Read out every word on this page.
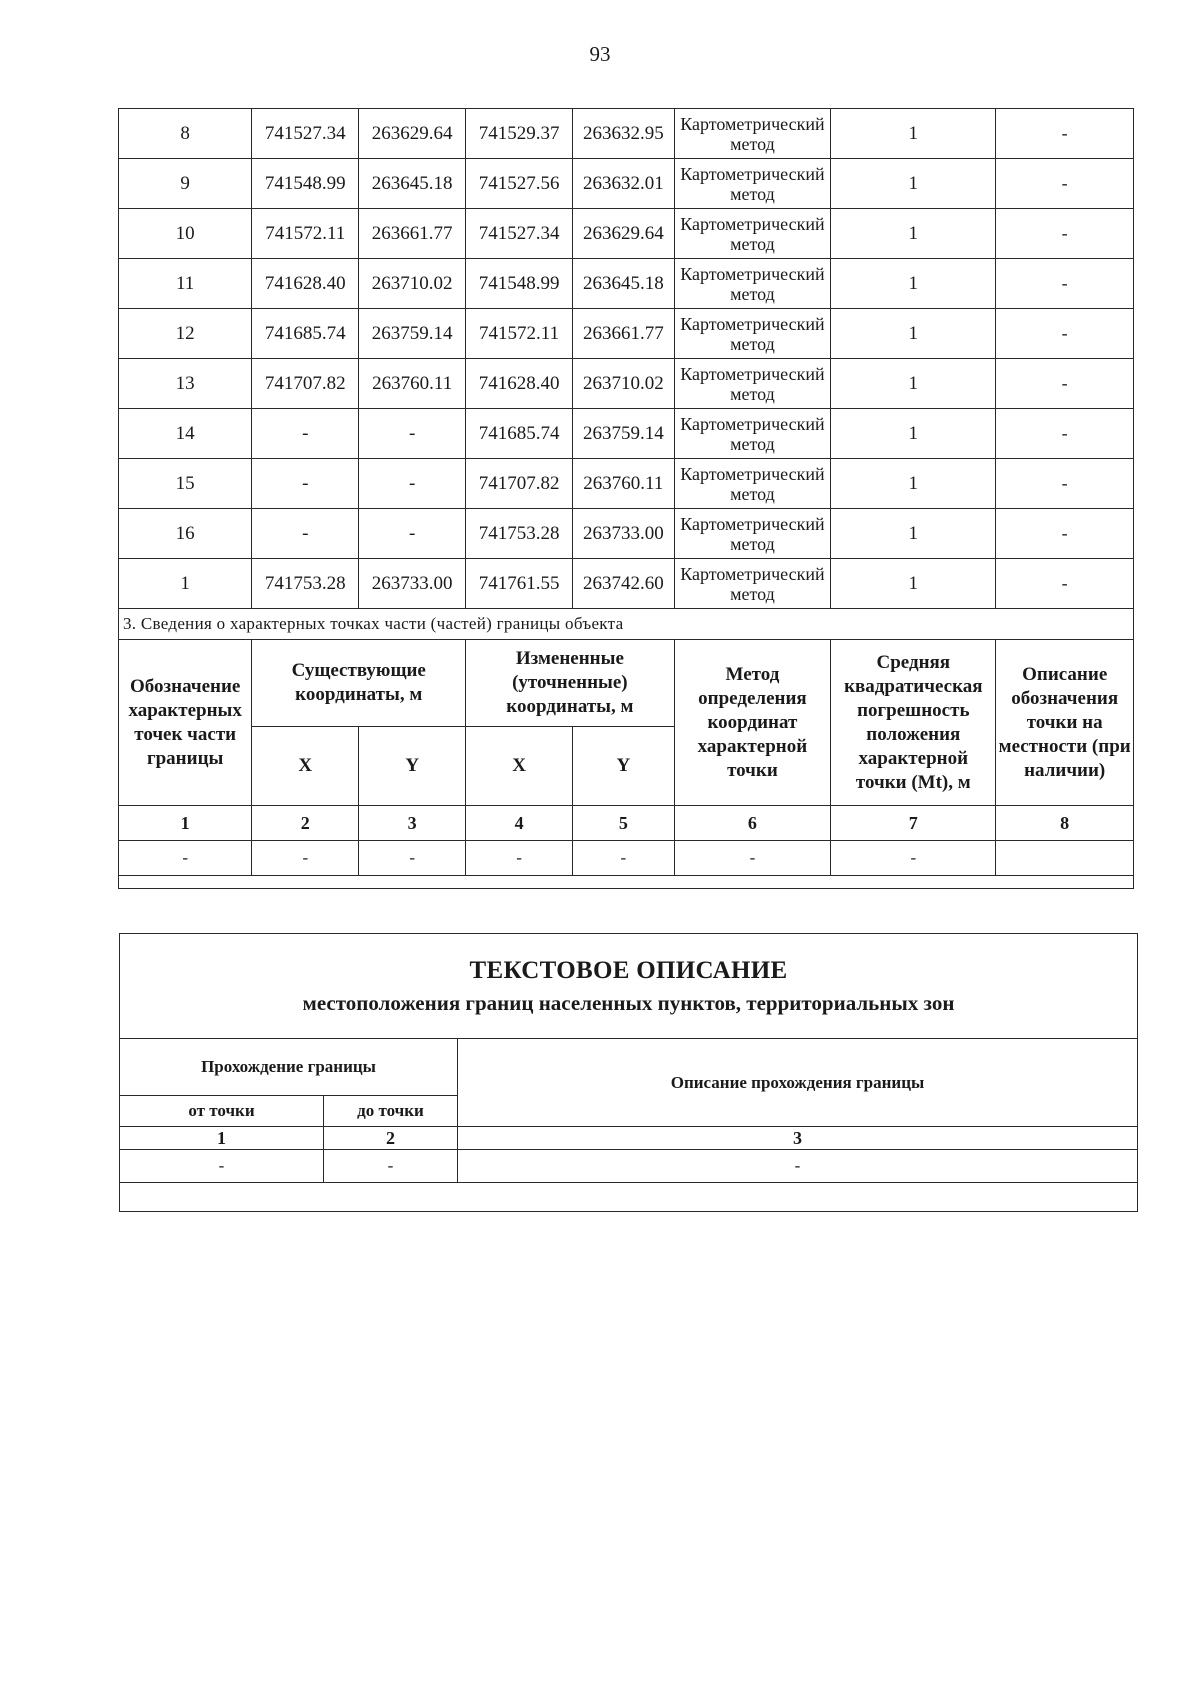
93
8	741527.34	263629.64	741529.37	263632.95	Картометрический метод	1	-
9	741548.99	263645.18	741527.56	263632.01	Картометрический метод	1	-
10	741572.11	263661.77	741527.34	263629.64	Картометрический метод	1	-
11	741628.40	263710.02	741548.99	263645.18	Картометрический метод	1	-
12	741685.74	263759.14	741572.11	263661.77	Картометрический метод	1	-
13	741707.82	263760.11	741628.40	263710.02	Картометрический метод	1	-
14	-	-	741685.74	263759.14	Картометрический метод	1	-
15	-	-	741707.82	263760.11	Картометрический метод	1	-
16	-	-	741753.28	263733.00	Картометрический метод	1	-
1	741753.28	263733.00	741761.55	263742.60	Картометрический метод	1	-
3. Сведения о характерных точках части (частей) границы объекта							
Обозначение характерных точек части границы	Существующие координаты, м		Измененные (уточненные) координаты, м		Метод определения координат характерной точки	Средняя квадратическая погрешность положения характерной точки (Mt), м	Описание обозначения точки на местности (при наличии)
	X	Y	X	Y			
1	2	3	4	5	6	7	8
-	-	-	-	-	-	-	

ТЕКСТОВОЕ ОПИСАНИЕ
местоположения границ населенных пунктов, территориальных зон		

Прохождение границы		Описание прохождения границы
от точки	до точки	
1	2	3
-	-	-
